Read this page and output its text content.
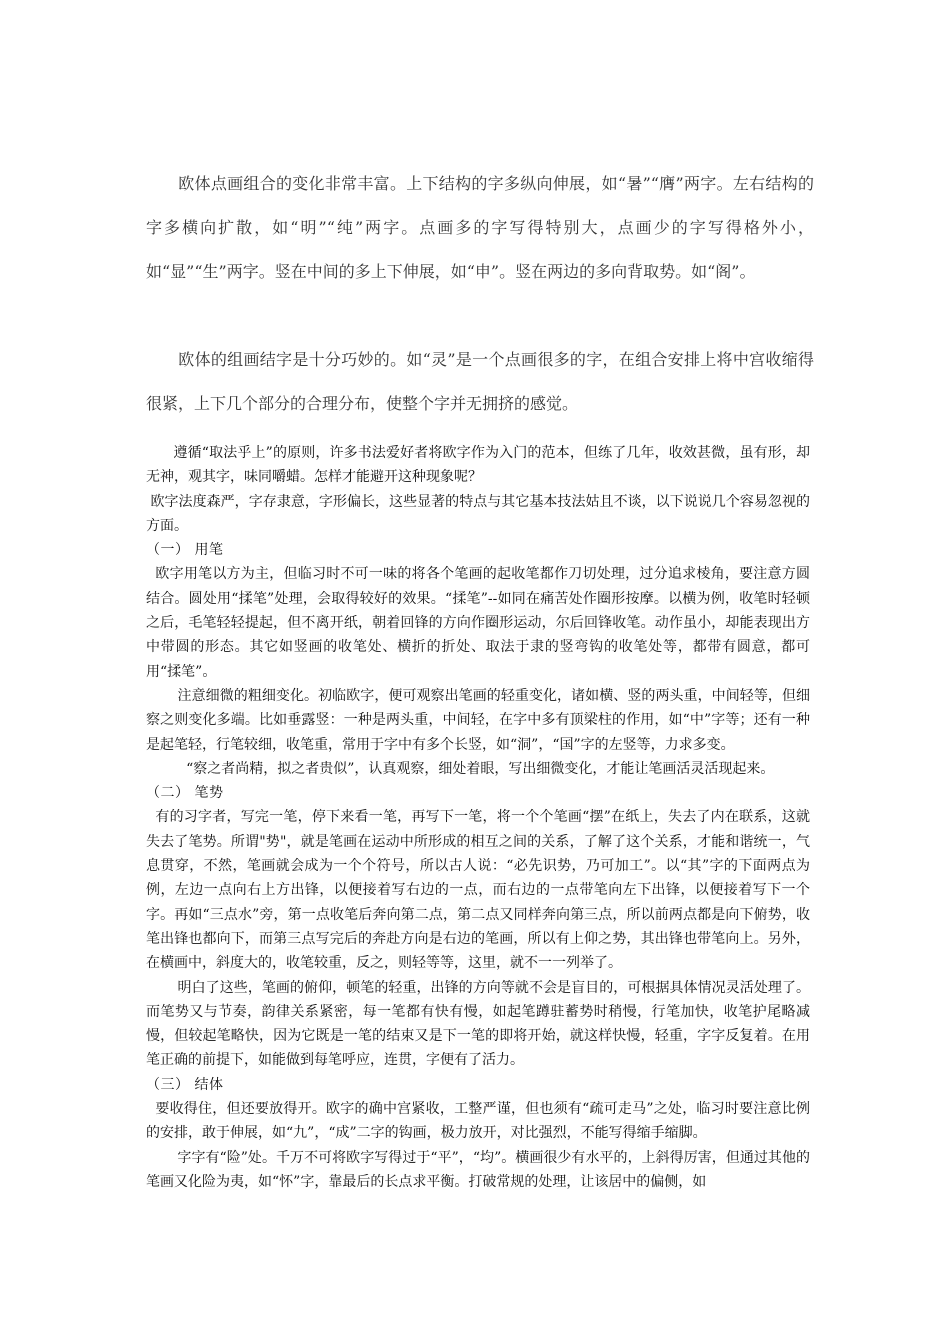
欧体点画组合的变化非常丰富。上下结构的字多纵向伸展，如“暑”“膺”两字。左右结构的字多横向扩散，如“明”“纯”两字。点画多的字写得特别大，点画少的字写得格外小，如“显”“生”两字。竖在中间的多上下伸展，如“申”。竖在两边的多向背取势。如“阁”。

欧体的组画结字是十分巧妙的。如“灵”是一个点画很多的字，在组合安排上将中宫收缩得很紧，上下几个部分的合理分布，使整个字并无拥挤的感觉。

遵循“取法乎上”的原则，许多书法爱好者将欧字作为入门的范本，但练了几年，收效甚微，虽有形，却无神，观其字，味同嚼蜡。怎样才能避开这种现象呢？

欧字法度森严，字存隶意，字形偏长，这些显著的特点与其它基本技法姑且不谈，以下说说几个容易忽视的方面。

（一） 用笔

欧字用笔以方为主，但临习时不可一味的将各个笔画的起收笔都作刀切处理，过分追求棱角，要注意方圆结合。圆处用“揉笔”处理，会取得较好的效果。“揉笔”--如同在痛苦处作圈形按摩。以横为例，收笔时轻顿之后，毛笔轻轻提起，但不离开纸，朝着回锋的方向作圈形运动，尔后回锋收笔。动作虽小，却能表现出方中带圆的形态。其它如竖画的收笔处、横折的折处、取法于隶的竖弯钩的收笔处等，都带有圆意，都可用“揉笔”。

注意细微的粗细变化。初临欧字，便可观察出笔画的轻重变化，诸如横、竖的两头重，中间轻等，但细察之则变化多端。比如垂露竖：一种是两头重，中间轻，在字中多有顶梁柱的作用，如“中”字等；还有一种是起笔轻，行笔较细，收笔重，常用于字中有多个长竖，如“洞”，“国”字的左竖等，力求多变。

“察之者尚精，拟之者贵似”，认真观察，细处着眼，写出细微变化，才能让笔画活灵活现起来。

（二） 笔势

有的习字者，写完一笔，停下来看一笔，再写下一笔，将一个个笔画“摆”在纸上，失去了内在联系，这就失去了笔势。所谓"势"，就是笔画在运动中所形成的相互之间的关系，了解了这个关系，才能和谐统一，气息贯穿，不然，笔画就会成为一个个符号，所以古人说：“必先识势，乃可加工”。以“其”字的下面两点为例，左边一点向右上方出锋，以便接着写右边的一点，而右边的一点带笔向左下出锋，以便接着写下一个字。再如“三点水”旁，第一点收笔后奔向第二点，第二点又同样奔向第三点，所以前两点都是向下俯势，收笔出锋也都向下，而第三点写完后的奔赴方向是右边的笔画，所以有上仰之势，其出锋也带笔向上。另外，在横画中，斜度大的，收笔较重，反之，则轻等等，这里，就不一一列举了。

明白了这些，笔画的俯仰，顿笔的轻重，出锋的方向等就不会是盲目的，可根据具体情况灵活处理了。而笔势又与节奏，韵律关系紧密，每一笔都有快有慢，如起笔蹲驻蓄势时稍慢，行笔加快，收笔护尾略减慢，但较起笔略快，因为它既是一笔的结束又是下一笔的即将开始，就这样快慢，轻重，字字反复着。在用笔正确的前提下，如能做到每笔呼应，连贯，字便有了活力。

（三） 结体

要收得住，但还要放得开。欧字的确中宫紧收，工整严谨，但也须有“疏可走马”之处，临习时要注意比例的安排，敢于伸展，如“九”，“成”二字的钩画，极力放开，对比强烈，不能写得缩手缩脚。

字字有“险”处。千万不可将欧字写得过于“平”，“均”。横画很少有水平的，上斜得厉害，但通过其他的笔画又化险为夷，如“怀”字，靠最后的长点求平衡。打破常规的处理，让该居中的偏侧，如
